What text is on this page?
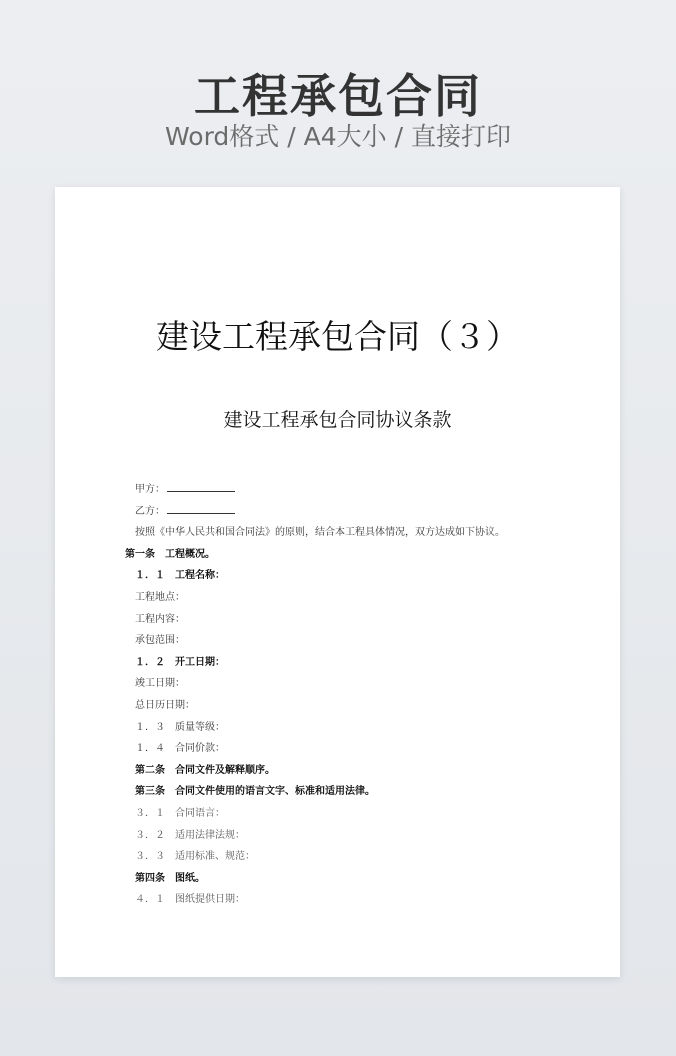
工程承包合同
Word格式 / A4大小 / 直接打印
建设工程承包合同（３）
建设工程承包合同协议条款
甲方：
乙方：
按照《中华人民共和国合同法》的原则，结合本工程具体情况，双方达成如下协议。
第一条　工程概况。
１．１　工程名称：
工程地点：
工程内容：
承包范围：
１．２　开工日期：
竣工日期：
总日历日期：
１．３　质量等级：
１．４　合同价款：
第二条　合同文件及解释顺序。
第三条　合同文件使用的语言文字、标准和适用法律。
３．１　合同语言：
３．２　适用法律法规：
３．３　适用标准、规范：
第四条　图纸。
４．１　图纸提供日期：
